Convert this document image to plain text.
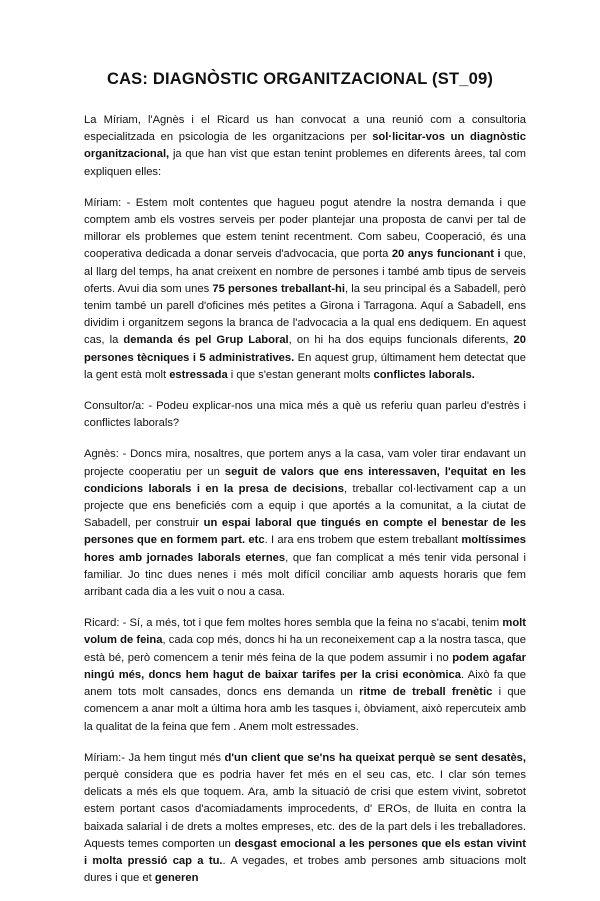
CAS: DIAGNÒSTIC ORGANITZACIONAL (ST_09)

La Míriam, l'Agnès i el Ricard us han convocat a una reunió com a consultoria especialitzada en psicologia de les organitzacions per sol·licitar-vos un diagnòstic organitzacional, ja que han vist que estan tenint problemes en diferents àrees, tal com expliquen elles:

Míriam: - Estem molt contentes que hagueu pogut atendre la nostra demanda i que comptem amb els vostres serveis per poder plantejar una proposta de canvi per tal de millorar els problemes que estem tenint recentment. Com sabeu, Cooperació, és una cooperativa dedicada a donar serveis d'advocacia, que porta 20 anys funcionant i que, al llarg del temps, ha anat creixent en nombre de persones i també amb tipus de serveis oferts. Avui dia som unes 75 persones treballant-hi, la seu principal és a Sabadell, però tenim també un parell d'oficines més petites a Girona i Tarragona. Aquí a Sabadell, ens dividim i organitzem segons la branca de l'advocacia a la qual ens dediquem. En aquest cas, la demanda és pel Grup Laboral, on hi ha dos equips funcionals diferents, 20 persones tècniques i 5 administratives. En aquest grup, últimament hem detectat que la gent està molt estressada i que s'estan generant molts conflictes laborals.

Consultor/a: - Podeu explicar-nos una mica més a què us referiu quan parleu d'estrès i conflictes laborals?

Agnès: - Doncs mira, nosaltres, que portem anys a la casa, vam voler tirar endavant un projecte cooperatiu per un seguit de valors que ens interessaven, l'equitat en les condicions laborals i en la presa de decisions, treballar col·lectivament cap a un projecte que ens beneficiés com a equip i que aportés a la comunitat, a la ciutat de Sabadell, per construir un espai laboral que tingués en compte el benestar de les persones que en formem part. etc. I ara ens trobem que estem treballant moltíssimes hores amb jornades laborals eternes, que fan complicat a més tenir vida personal i familiar. Jo tinc dues nenes i més molt difícil conciliar amb aquests horaris que fem arribant cada dia a les vuit o nou a casa.

Ricard: - Sí, a més, tot i que fem moltes hores sembla que la feina no s'acabi, tenim molt volum de feina, cada cop més, doncs hi ha un reconeixement cap a la nostra tasca, que està bé, però comencem a tenir més feina de la que podem assumir i no podem agafar ningú més, doncs hem hagut de baixar tarifes per la crisi econòmica. Això fa que anem tots molt cansades, doncs ens demanda un ritme de treball frenètic i que comencem a anar molt a última hora amb les tasques i, òbviament, això repercuteix amb la qualitat de la feina que fem . Anem molt estressades.

Míriam:- Ja hem tingut més d'un client que se'ns ha queixat perquè se sent desatès, perquè considera que es podria haver fet més en el seu cas, etc. I clar són temes delicats a més els que toquem. Ara, amb la situació de crisi que estem vivint, sobretot estem portant casos d'acomiadaments improcedents, d' EROs, de lluita en contra la baixada salarial i de drets a moltes empreses, etc. des de la part dels i les treballadores. Aquests temes comporten un desgast emocional a les persones que els estan vivint i molta pressió cap a tu.. A vegades, et trobes amb persones amb situacions molt dures i que et generen
